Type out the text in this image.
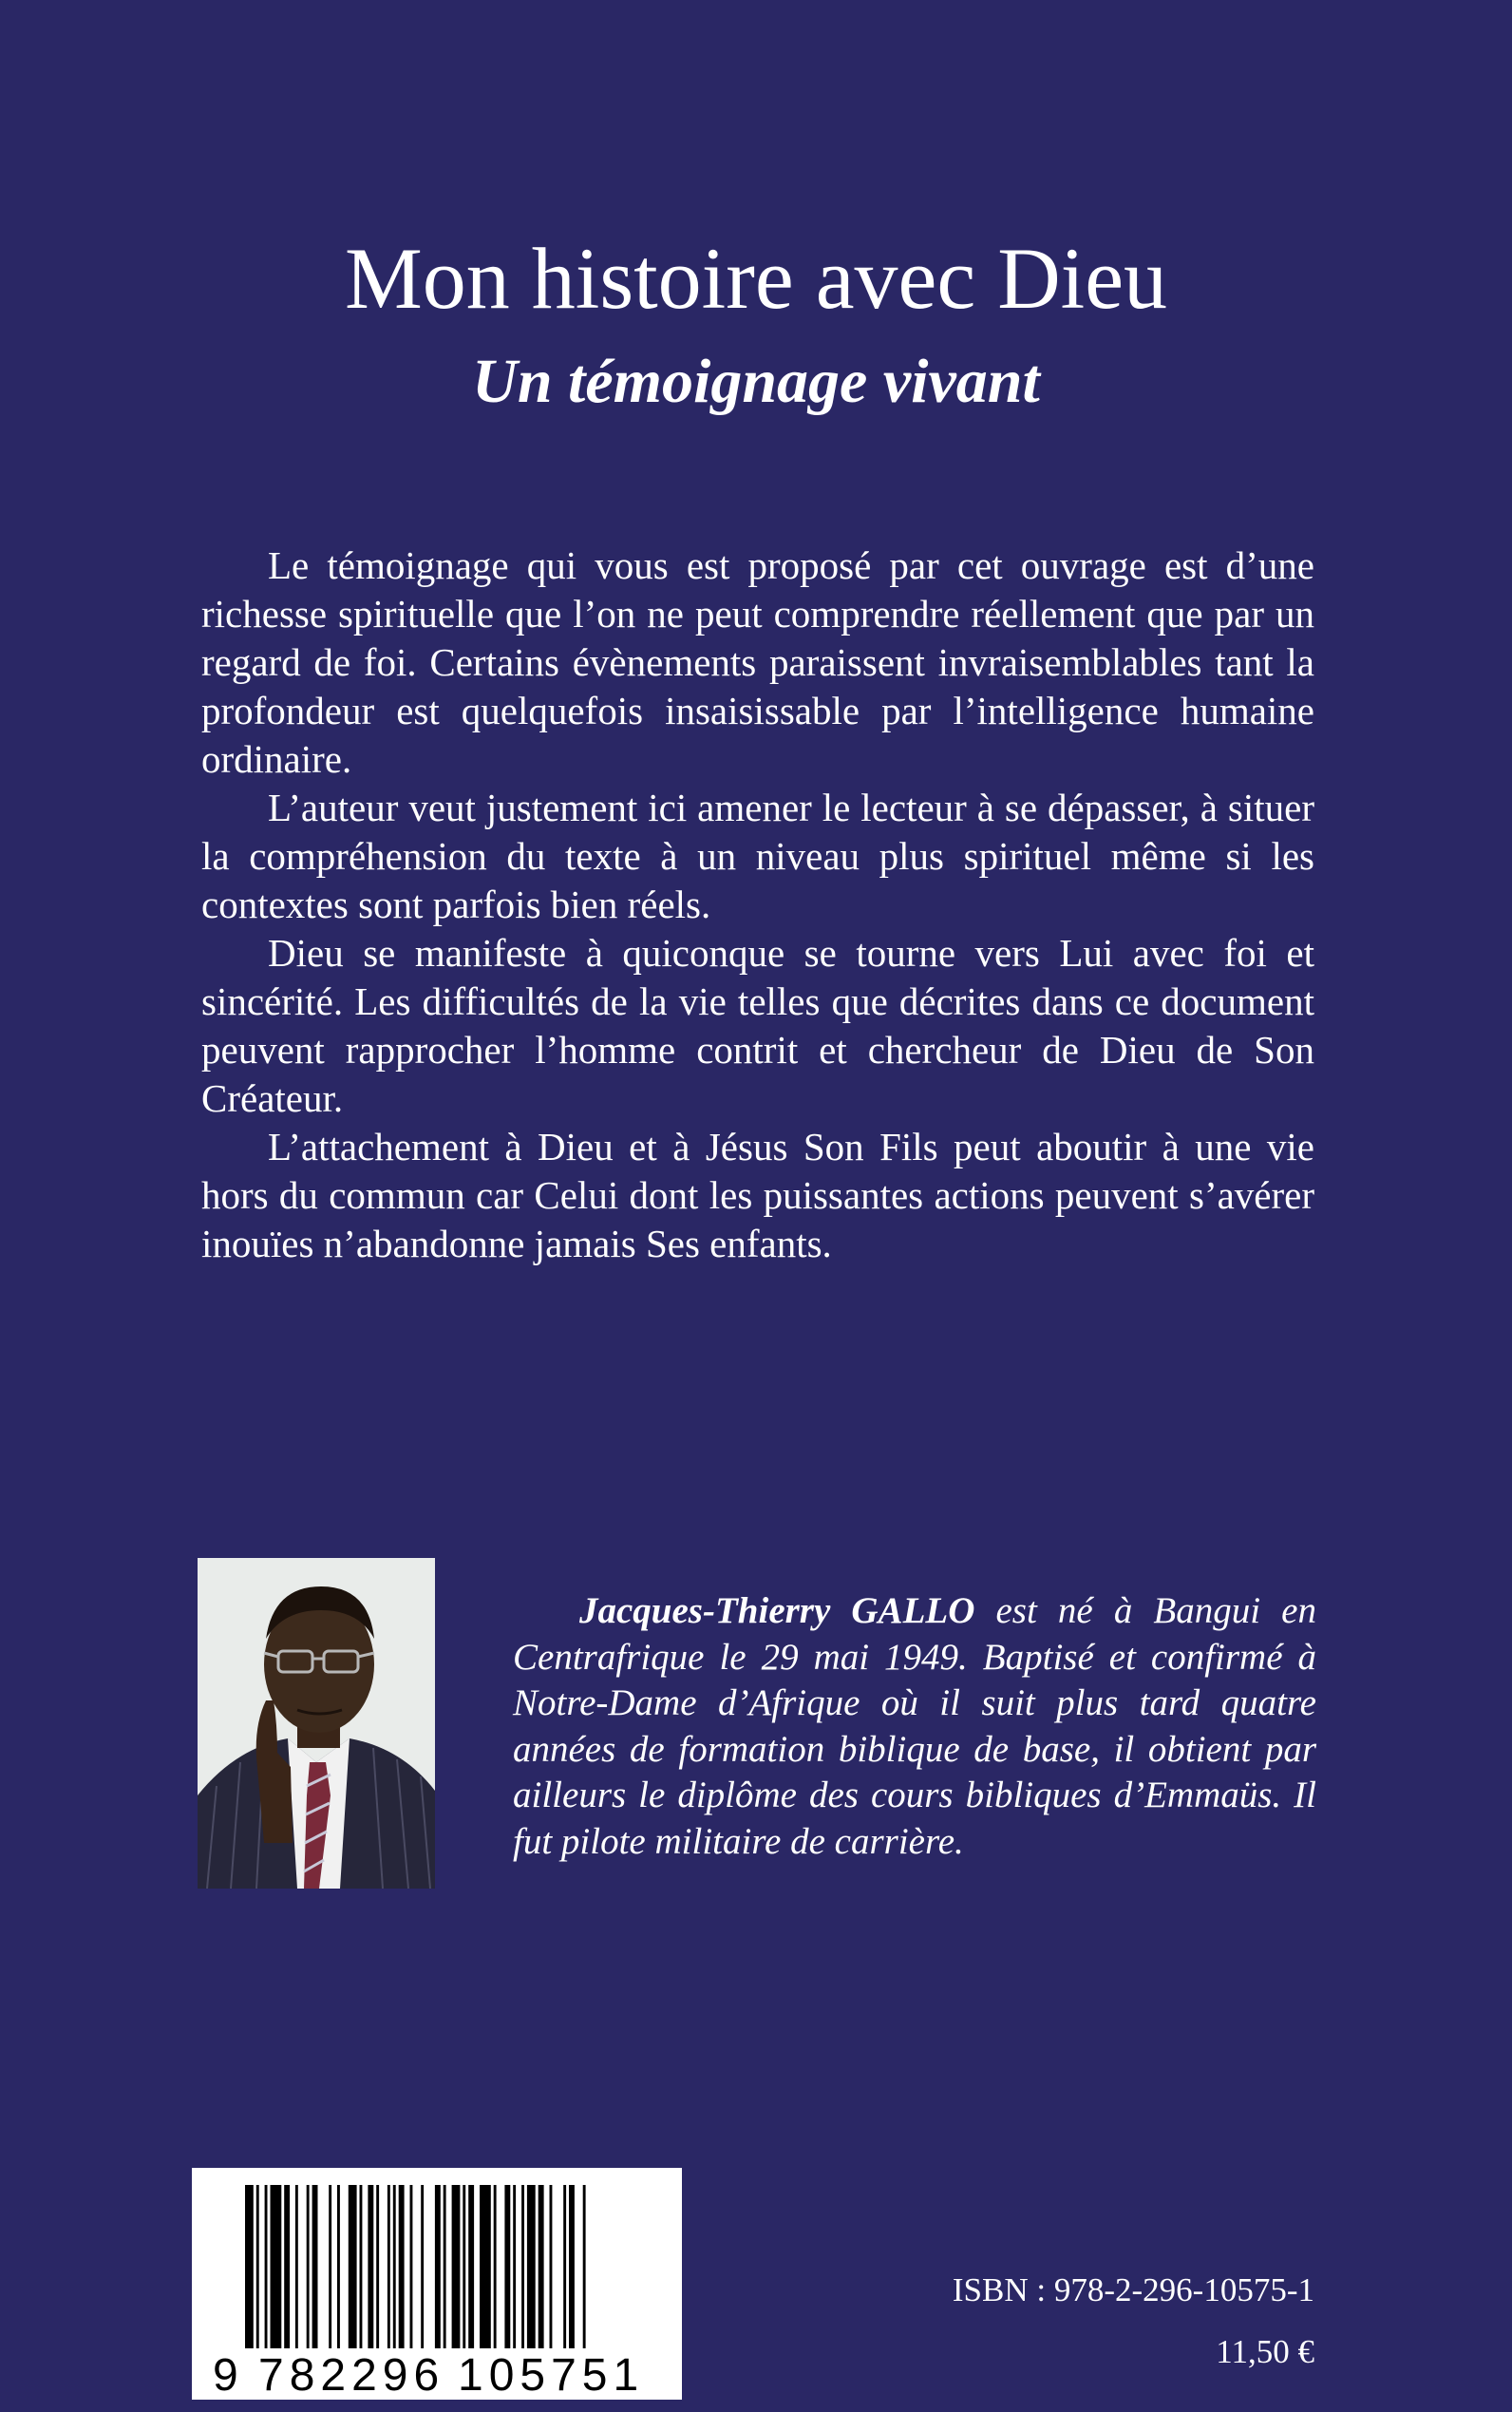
Mon histoire avec Dieu
Un témoignage vivant

Le témoignage qui vous est proposé par cet ouvrage est d’une richesse spirituelle que l’on ne peut comprendre réellement que par un regard de foi. Certains évènements paraissent invraisemblables tant la profondeur est quelquefois insaisissable par l’intelligence humaine ordinaire.

L’auteur veut justement ici amener le lecteur à se dépasser, à situer la compréhension du texte à un niveau plus spirituel même si les contextes sont parfois bien réels.

Dieu se manifeste à quiconque se tourne vers Lui avec foi et sincérité. Les difficultés de la vie telles que décrites dans ce document peuvent rapprocher l’homme contrit et chercheur de Dieu de Son Créateur.

L’attachement à Dieu et à Jésus Son Fils peut aboutir à une vie hors du commun car Celui dont les puissantes actions peuvent s’avérer inouïes n’abandonne jamais Ses enfants.

Jacques-Thierry GALLO est né à Bangui en Centrafrique le 29 mai 1949. Baptisé et confirmé à Notre-Dame d’Afrique où il suit plus tard quatre années de formation biblique de base, il obtient par ailleurs le diplôme des cours bibliques d’Emmaüs. Il fut pilote militaire de carrière.
9 782296 105751
ISBN : 978-2-296-10575-1
11,50 €
